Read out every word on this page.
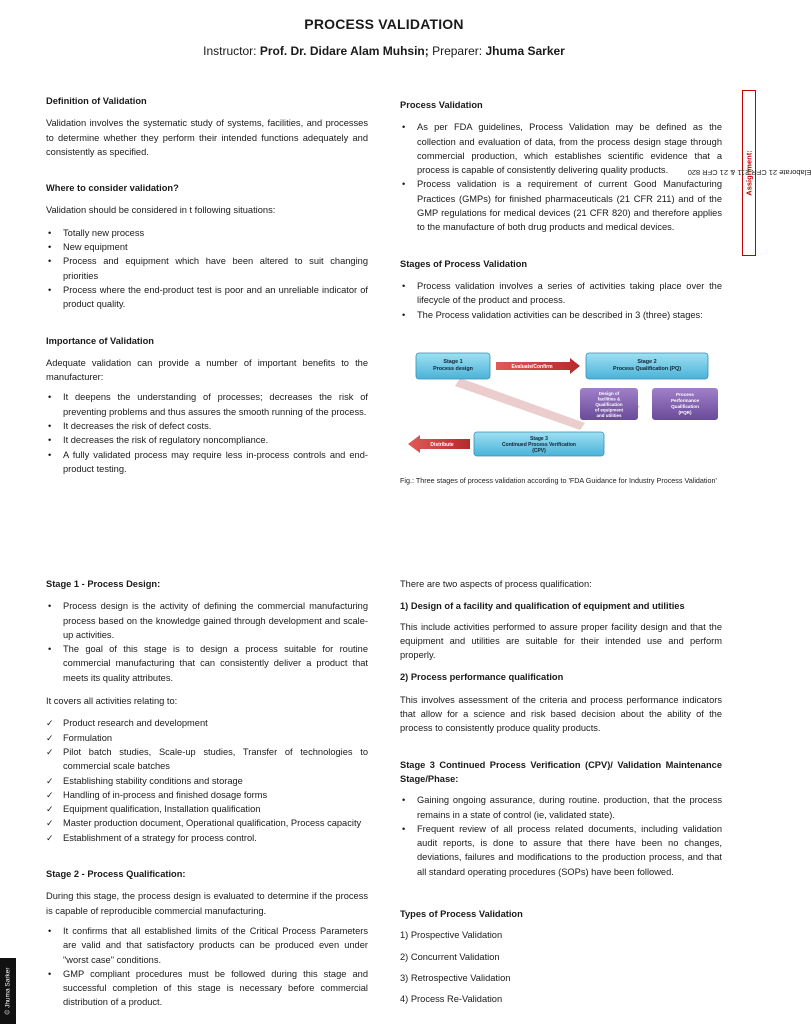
PROCESS VALIDATION
Instructor: Prof. Dr. Didare Alam Muhsin; Preparer: Jhuma Sarker
Assignment:
Elaborate 21 CFR 211 & 21 CFR 820
Definition of Validation

Validation involves the systematic study of systems, facilities, and processes to determine whether they perform their intended functions adequately and consistently as specified.

Where to consider validation?

Validation should be considered in t following situations:

• Totally new process
• New equipment
• Process and equipment which have been altered to suit changing priorities
• Process where the end-product test is poor and an unreliable indicator of product quality.
Importance of Validation

Adequate validation can provide a number of important benefits to the manufacturer:

• It deepens the understanding of processes; decreases the risk of preventing problems and thus assures the smooth running of the process.
• It decreases the risk of defect costs.
• It decreases the risk of regulatory noncompliance.
• A fully validated process may require less in-process controls and end-product testing.
Process Validation
• As per FDA guidelines, Process Validation may be defined as the collection and evaluation of data, from the process design stage through commercial production, which establishes scientific evidence that a process is capable of consistently delivering quality products.
• Process validation is a requirement of current Good Manufacturing Practices (GMPs) for finished pharmaceuticals (21 CFR 211) and of the GMP regulations for medical devices (21 CFR 820) and therefore applies to the manufacture of both drug products and medical devices.
Stages of Process Validation
• Process validation involves a series of activities taking place over the lifecycle of the product and process.
• The Process validation activities can be described in 3 (three) stages:
Stage 1
Process design	Evaluate/Confirm
Stage 2
Process Qualification (PQ)
Design of
facilities &
Qualification
of equipment
and utilities
Process
Performance
Qualification
(PQR)
Stage 3
Continued Process Verification
(CPV)
Distribute
Fig.: Three stages of process validation according to 'FDA Guidance for Industry Process Validation'
Stage 1 - Process Design:
• Process design is the activity of defining the commercial manufacturing process based on the knowledge gained through development and scale-up activities.
• The goal of this stage is to design a process suitable for routine commercial manufacturing that can consistently deliver a product that meets its quality attributes.

It covers all activities relating to:

✓ Product research and development
✓ Formulation
✓ Pilot batch studies, Scale-up studies, Transfer of technologies to commercial scale batches
✓ Establishing stability conditions and storage
✓ Handling of in-process and finished dosage forms
✓ Equipment qualification, Installation qualification
✓ Master production document, Operational qualification, Process capacity
✓ Establishment of a strategy for process control.
Stage 2 - Process Qualification:

During this stage, the process design is evaluated to determine if the process is capable of reproducible commercial manufacturing.

• It confirms that all established limits of the Critical Process Parameters are valid and that satisfactory products can be produced even under "worst case" conditions.
• GMP compliant procedures must be followed during this stage and successful completion of this stage is necessary before commercial distribution of a product.

There are two aspects of process qualification:

1) Design of a facility and qualification of equipment and utilities

This include activities performed to assure proper facility design and that the equipment and utilities are suitable for their intended use and perform properly.

2) Process performance qualification

This involves assessment of the criteria and process performance indicators that allow for a science and risk based decision about the ability of the process to consistently produce quality products.

Stage 3 Continued Process Verification (CPV)/ Validation Maintenance Stage/Phase:
• Gaining ongoing assurance, during routine. production, that the process remains in a state of control (ie, validated state).
• Frequent review of all process related documents, including validation audit reports, is done to assure that there have been no changes, deviations, failures and modifications to the production process, and that all standard operating procedures (SOPs) have been followed.
Types of Process Validation

1) Prospective Validation

2) Concurrent Validation

3) Retrospective Validation

4) Process Re-Validation

© Jhuma Sarker
